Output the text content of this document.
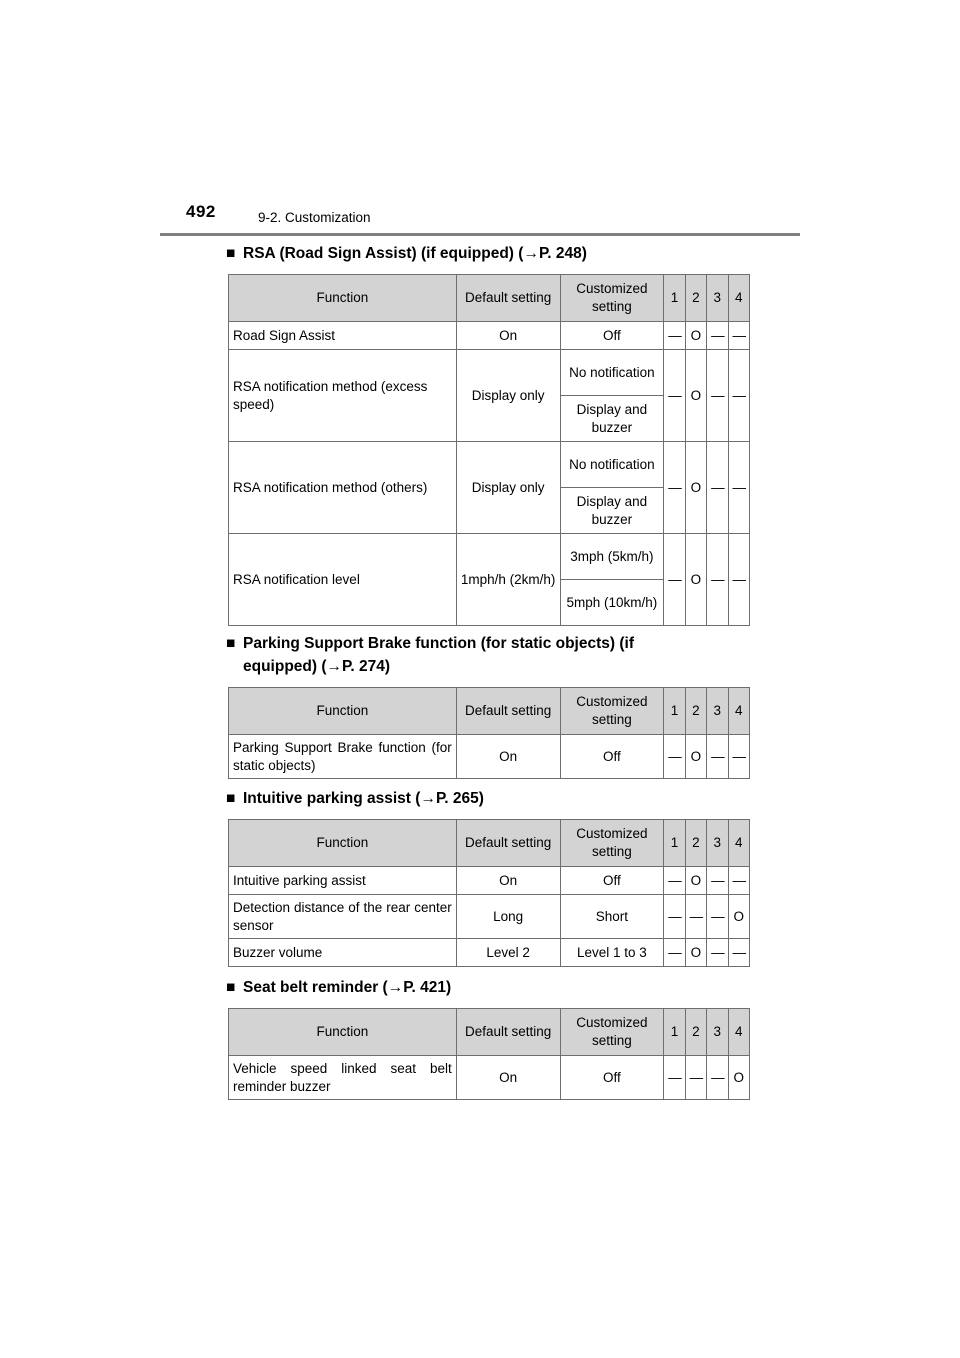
492	9-2. Customization
■ RSA (Road Sign Assist) (if equipped) (→P. 248)
Function	Default setting	Customized setting	1	2	3	4
Road Sign Assist	On	Off	—	O	—	—
RSA notification method (excess speed)	Display only	No notification	—	O	—	—
		Display and buzzer				
RSA notification method (others)	Display only	No notification	—	O	—	—
		Display and buzzer				
RSA notification level	1mph/h (2km/h)	3mph (5km/h)	—	O	—	—
		5mph (10km/h)				
■ Parking Support Brake function (for static objects) (if
equipped) (→P. 274)
Function	Default setting	Customized setting	1	2	3	4
Parking Support Brake function (for static objects)	On	Off	—	O	—	—
■ Intuitive parking assist (→P. 265)
Function	Default setting	Customized setting	1	2	3	4
Intuitive parking assist	On	Off	—	O	—	—
Detection distance of the rear center sensor	Long	Short	—	—	—	O
Buzzer volume	Level 2	Level 1 to 3	—	O	—	—
■ Seat belt reminder (→P. 421)
Function	Default setting	Customized setting	1	2	3	4
Vehicle speed linked seat belt reminder buzzer	On	Off	—	—	—	O
